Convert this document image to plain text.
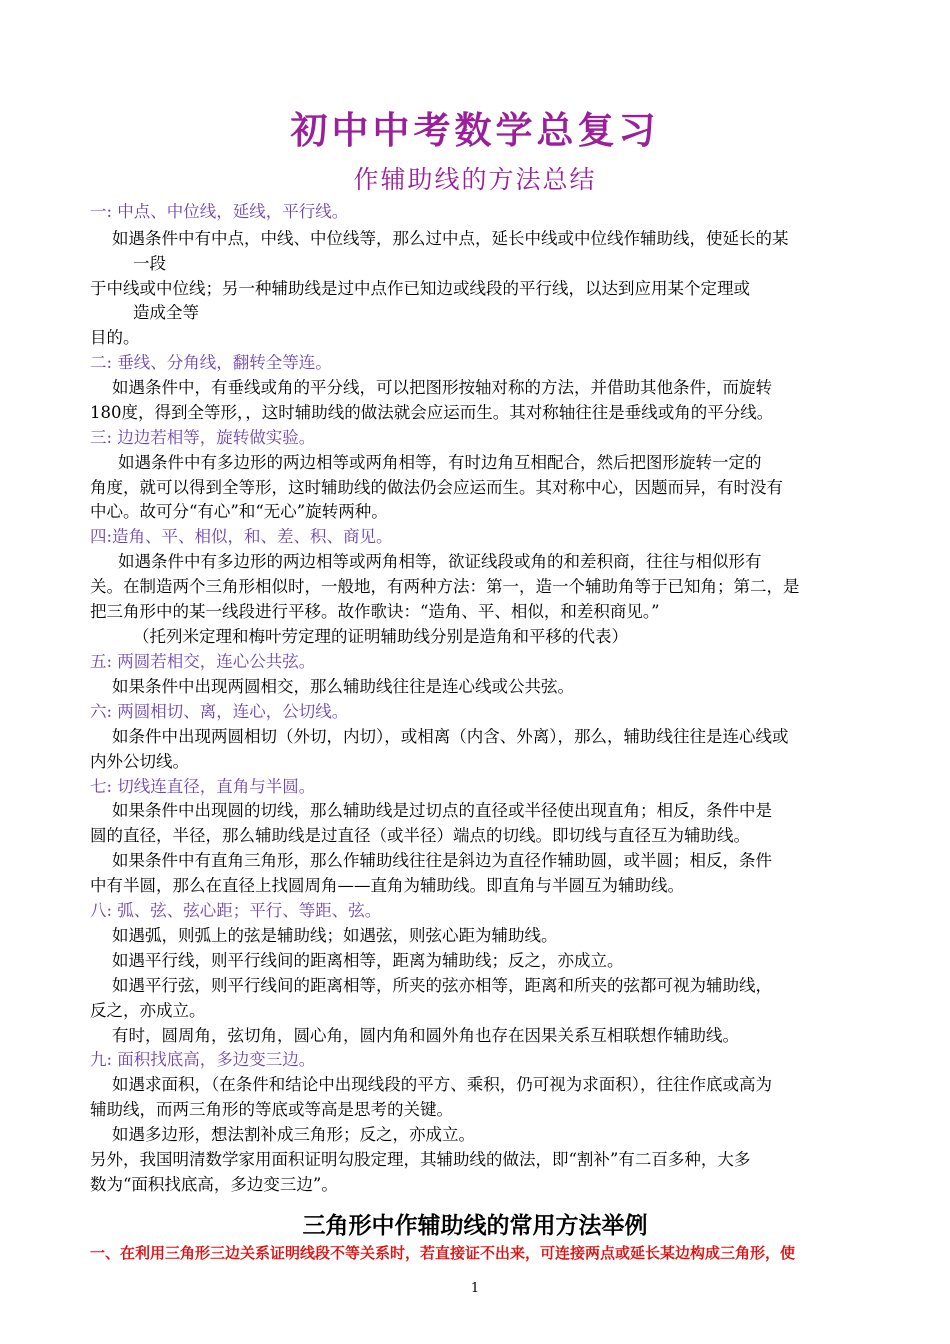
初中中考数学总复习
作辅助线的方法总结
一: 中点、中位线，延线，平行线。
如遇条件中有中点，中线、中位线等，那么过中点，延长中线或中位线作辅助线，使延长的某
一段
于中线或中位线；另一种辅助线是过中点作已知边或线段的平行线，以达到应用某个定理或
造成全等
目的。
二: 垂线、分角线，翻转全等连。
如遇条件中，有垂线或角的平分线，可以把图形按轴对称的方法，并借助其他条件，而旋转
180度，得到全等形，，这时辅助线的做法就会应运而生。其对称轴往往是垂线或角的平分线。
三: 边边若相等，旋转做实验。
如遇条件中有多边形的两边相等或两角相等，有时边角互相配合，然后把图形旋转一定的
角度，就可以得到全等形，这时辅助线的做法仍会应运而生。其对称中心，因题而异，有时没有
中心。故可分“有心”和“无心”旋转两种。
四:造角、平、相似，和、差、积、商见。
如遇条件中有多边形的两边相等或两角相等，欲证线段或角的和差积商，往往与相似形有
关。在制造两个三角形相似时，一般地，有两种方法：第一，造一个辅助角等于已知角；第二，是
把三角形中的某一线段进行平移。故作歌诀：“造角、平、相似，和差积商见。”
（托列米定理和梅叶劳定理的证明辅助线分别是造角和平移的代表）
五: 两圆若相交，连心公共弦。
如果条件中出现两圆相交，那么辅助线往往是连心线或公共弦。
六: 两圆相切、离，连心，公切线。
如条件中出现两圆相切（外切，内切），或相离（内含、外离），那么，辅助线往往是连心线或
内外公切线。
七: 切线连直径，直角与半圆。
如果条件中出现圆的切线，那么辅助线是过切点的直径或半径使出现直角；相反，条件中是
圆的直径，半径，那么辅助线是过直径（或半径）端点的切线。即切线与直径互为辅助线。
如果条件中有直角三角形，那么作辅助线往往是斜边为直径作辅助圆，或半圆；相反，条件
中有半圆，那么在直径上找圆周角——直角为辅助线。即直角与半圆互为辅助线。
八: 弧、弦、弦心距；平行、等距、弦。
如遇弧，则弧上的弦是辅助线；如遇弦，则弦心距为辅助线。
如遇平行线，则平行线间的距离相等，距离为辅助线；反之，亦成立。
如遇平行弦，则平行线间的距离相等，所夹的弦亦相等，距离和所夹的弦都可视为辅助线，
反之，亦成立。
有时，圆周角，弦切角，圆心角，圆内角和圆外角也存在因果关系互相联想作辅助线。
九: 面积找底高，多边变三边。
如遇求面积，（在条件和结论中出现线段的平方、乘积，仍可视为求面积），往往作底或高为
辅助线，而两三角形的等底或等高是思考的关键。
如遇多边形，想法割补成三角形；反之，亦成立。
另外，我国明清数学家用面积证明勾股定理，其辅助线的做法，即“割补”有二百多种，大多
数为“面积找底高，多边变三边”。
三角形中作辅助线的常用方法举例
一、在利用三角形三边关系证明线段不等关系时，若直接证不出来，可连接两点或延长某边构成三角形，使
1
